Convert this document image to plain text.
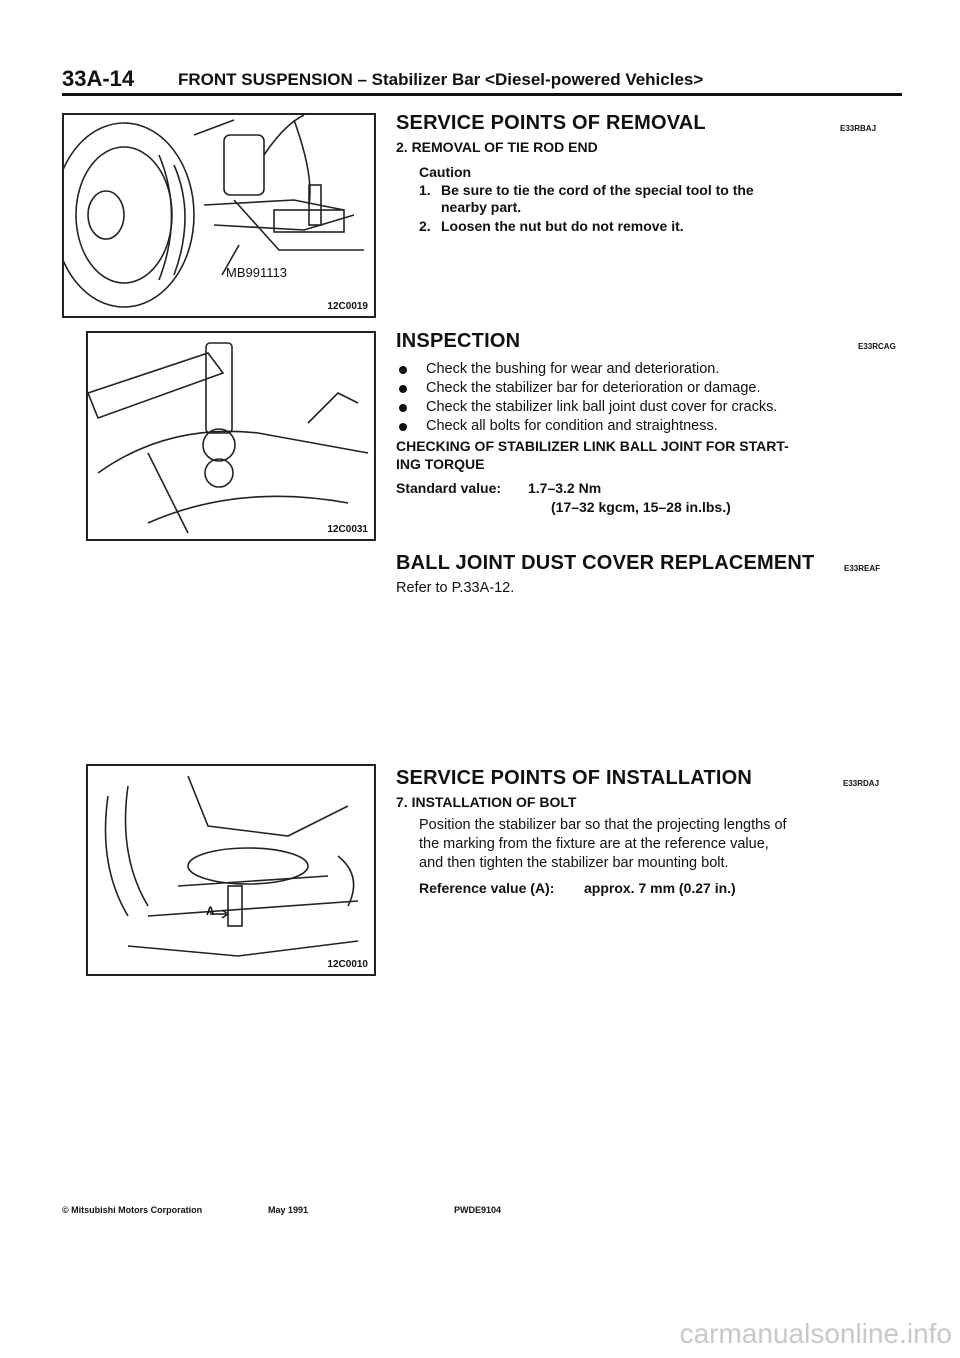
33A-14	FRONT SUSPENSION – Stabilizer Bar <Diesel-powered Vehicles>
MB991113
12C0019
12C0031
A
12C0010
SERVICE POINTS OF REMOVAL	E33RBAJ
2. REMOVAL OF TIE ROD END
Caution
1. Be sure to tie the cord of the special tool to the
nearby part.
2. Loosen the nut but do not remove it.
INSPECTION	E33RCAG
Check the bushing for wear and deterioration.
Check the stabilizer bar for deterioration or damage.
Check the stabilizer link ball joint dust cover for cracks.
Check all bolts for condition and straightness.
CHECKING OF STABILIZER LINK BALL JOINT FOR START-
ING TORQUE
Standard value: 1.7–3.2 Nm
(17–32 kgcm, 15–28 in.lbs.)
BALL JOINT DUST COVER REPLACEMENT	E33REAF
Refer to P.33A-12.
SERVICE POINTS OF INSTALLATION	E33RDAJ
7. INSTALLATION OF BOLT
Position the stabilizer bar so that the projecting lengths of
the marking from the fixture are at the reference value,
and then tighten the stabilizer bar mounting bolt.
Reference value (A): approx. 7 mm (0.27 in.)
© Mitsubishi Motors Corporation	May 1991	PWDE9104
carmanualsonline.info
